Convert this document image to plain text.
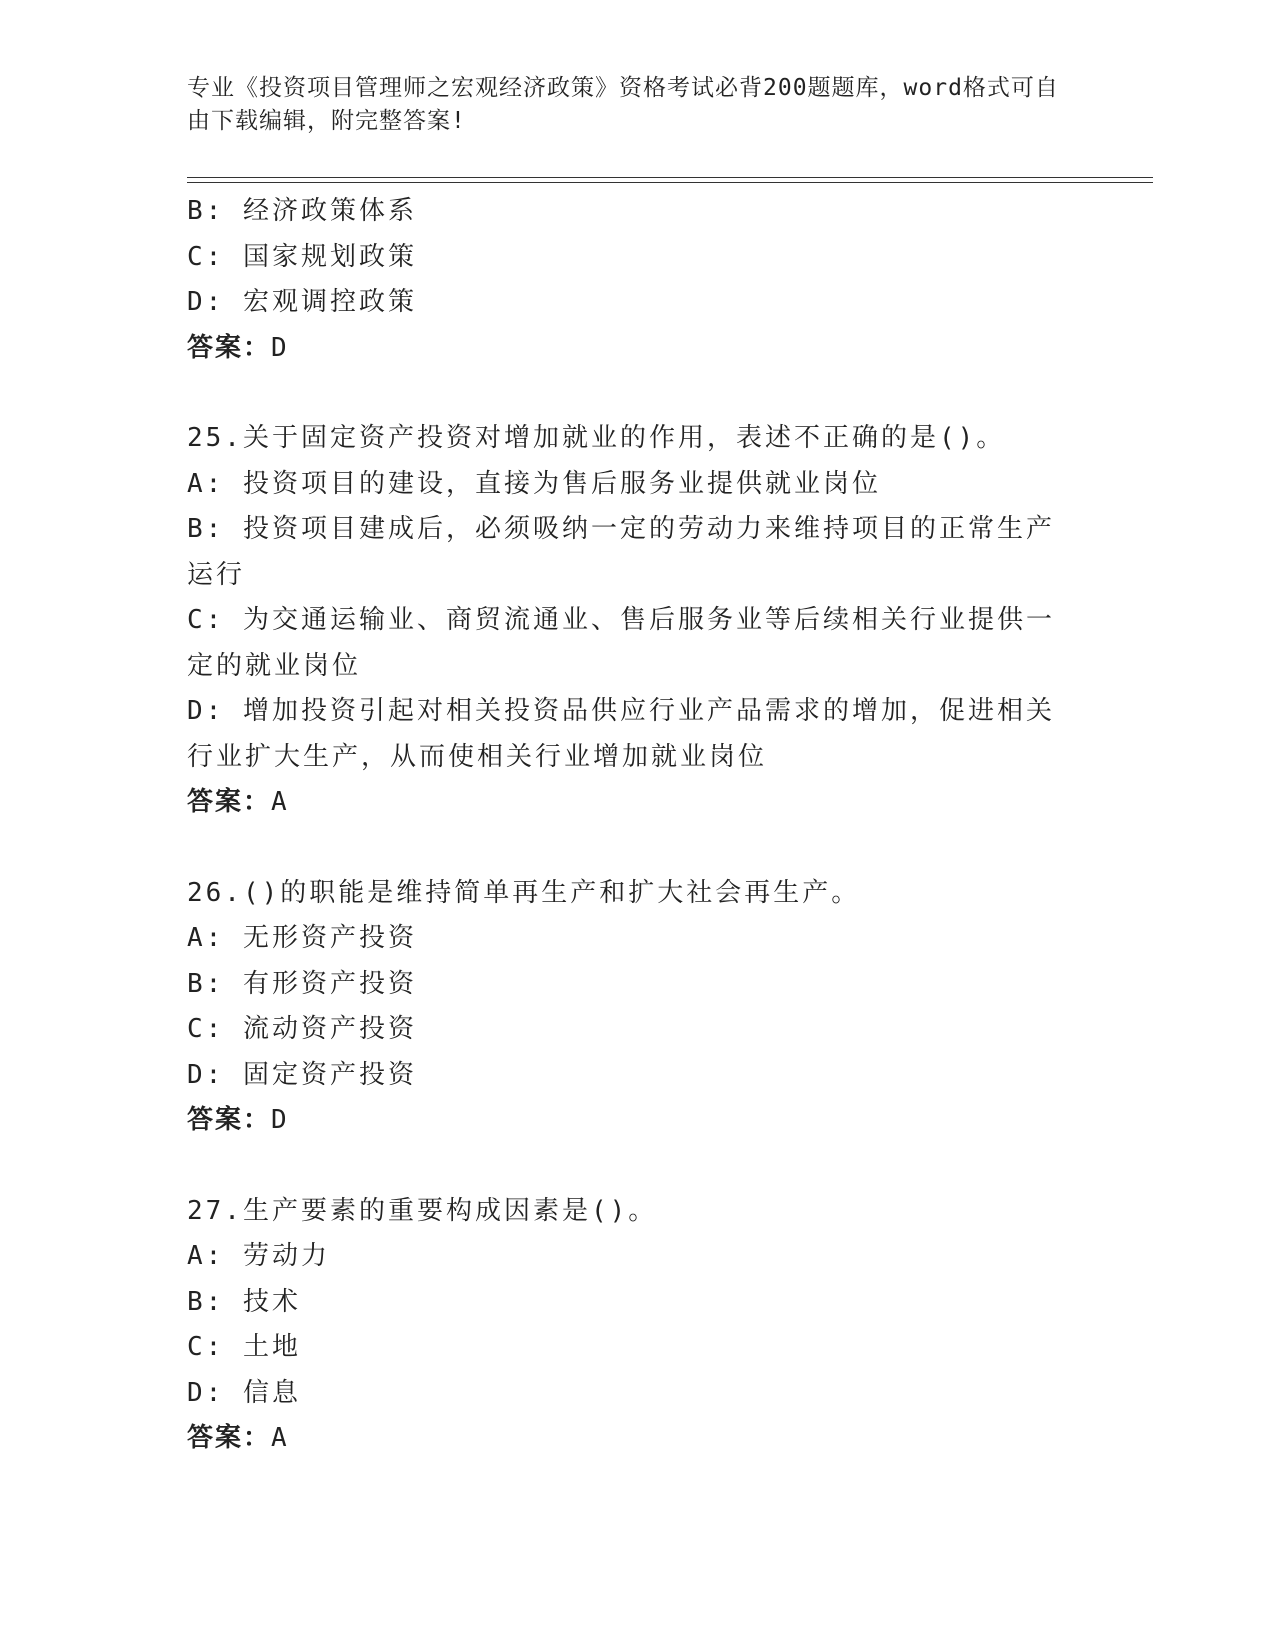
专业《投资项目管理师之宏观经济政策》资格考试必背200题题库，word格式可自由下载编辑，附完整答案!
B: 经济政策体系
C: 国家规划政策
D: 宏观调控政策
答案：D
25.关于固定资产投资对增加就业的作用，表述不正确的是()。
A: 投资项目的建设，直接为售后服务业提供就业岗位
B: 投资项目建成后，必须吸纳一定的劳动力来维持项目的正常生产运行
C: 为交通运输业、商贸流通业、售后服务业等后续相关行业提供一定的就业岗位
D: 增加投资引起对相关投资品供应行业产品需求的增加，促进相关行业扩大生产，从而使相关行业增加就业岗位
答案：A
26.()的职能是维持简单再生产和扩大社会再生产。
A: 无形资产投资
B: 有形资产投资
C: 流动资产投资
D: 固定资产投资
答案：D
27.生产要素的重要构成因素是()。
A: 劳动力
B: 技术
C: 土地
D: 信息
答案：A
